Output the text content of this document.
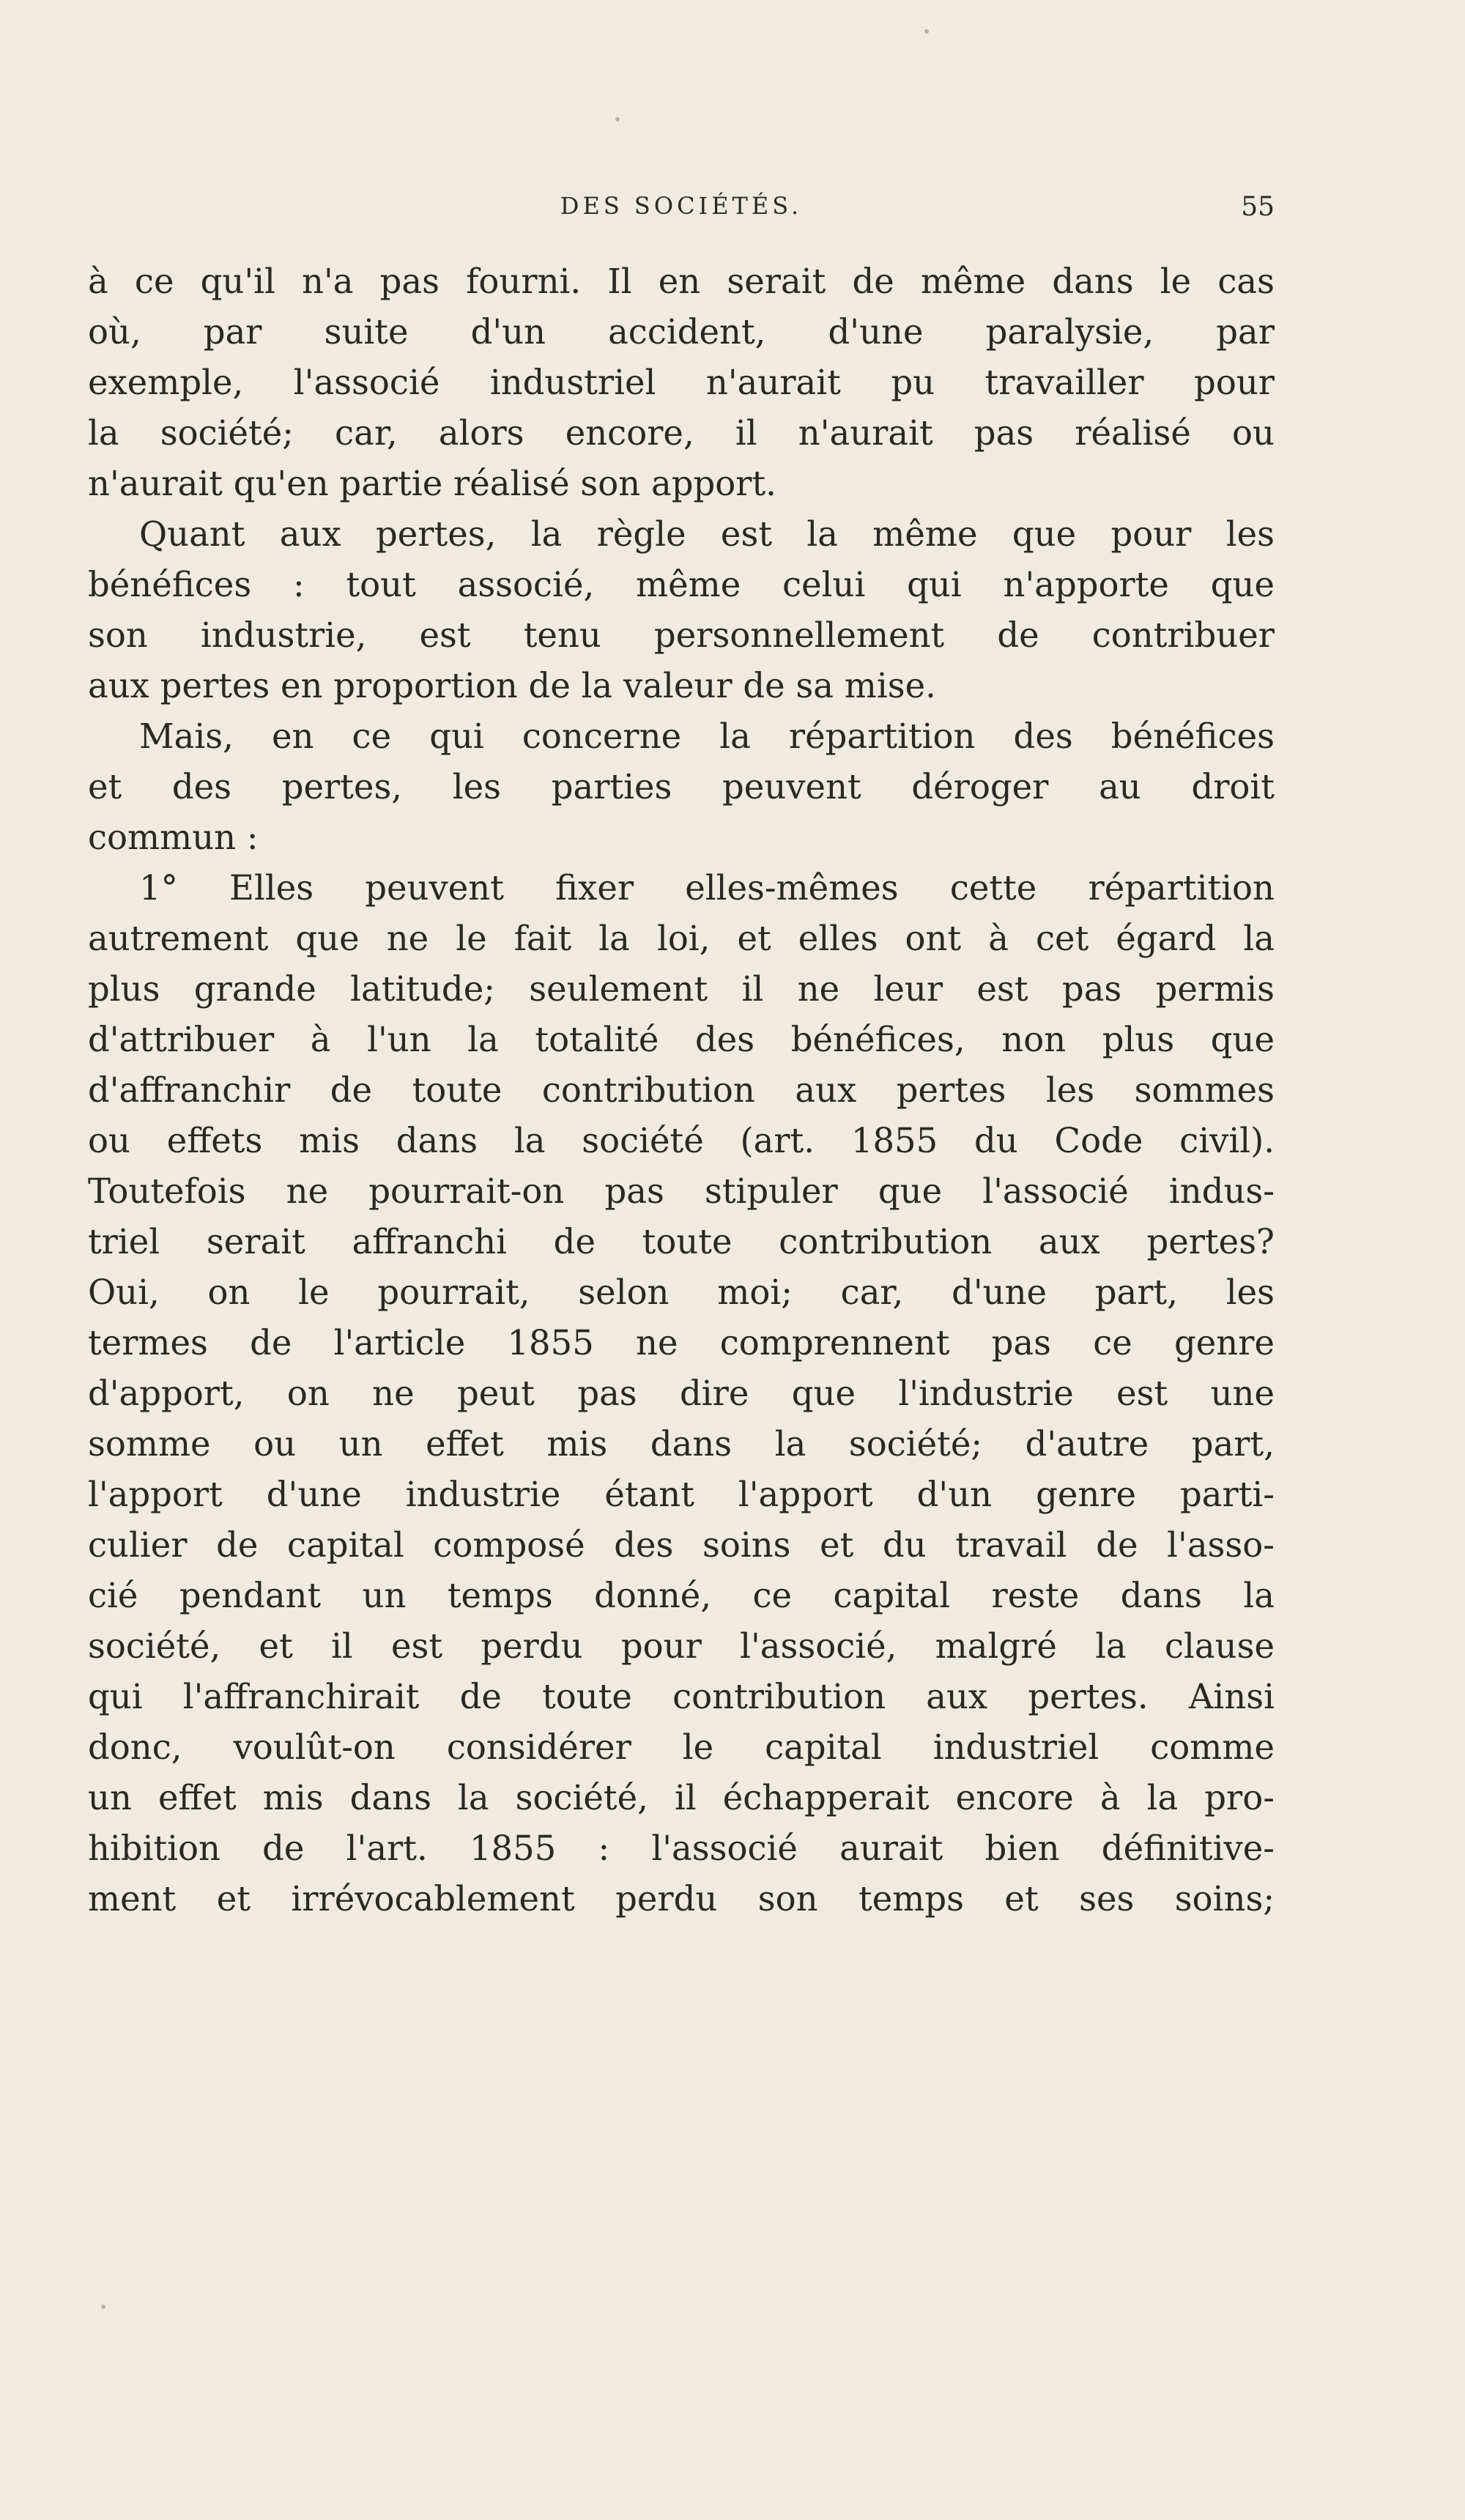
DES SOCIÉTÉS.	55
à ce qu'il n'a pas fourni. Il en serait de même dans le cas
où, par suite d'un accident, d'une paralysie, par
exemple, l'associé industriel n'aurait pu travailler pour
la société; car, alors encore, il n'aurait pas réalisé ou
n'aurait qu'en partie réalisé son apport.
Quant aux pertes, la règle est la même que pour les
bénéfices : tout associé, même celui qui n'apporte que
son industrie, est tenu personnellement de contribuer
aux pertes en proportion de la valeur de sa mise.
Mais, en ce qui concerne la répartition des bénéfices
et des pertes, les parties peuvent déroger au droit
commun :
1° Elles peuvent fixer elles-mêmes cette répartition
autrement que ne le fait la loi, et elles ont à cet égard la
plus grande latitude; seulement il ne leur est pas permis
d'attribuer à l'un la totalité des bénéfices, non plus que
d'affranchir de toute contribution aux pertes les sommes
ou effets mis dans la société (art. 1855 du Code civil).
Toutefois ne pourrait-on pas stipuler que l'associé indus-
triel serait affranchi de toute contribution aux pertes?
Oui, on le pourrait, selon moi; car, d'une part, les
termes de l'article 1855 ne comprennent pas ce genre
d'apport, on ne peut pas dire que l'industrie est une
somme ou un effet mis dans la société; d'autre part,
l'apport d'une industrie étant l'apport d'un genre parti-
culier de capital composé des soins et du travail de l'asso-
cié pendant un temps donné, ce capital reste dans la
société, et il est perdu pour l'associé, malgré la clause
qui l'affranchirait de toute contribution aux pertes. Ainsi
donc, voulût-on considérer le capital industriel comme
un effet mis dans la société, il échapperait encore à la pro-
hibition de l'art. 1855 : l'associé aurait bien définitive-
ment et irrévocablement perdu son temps et ses soins;
